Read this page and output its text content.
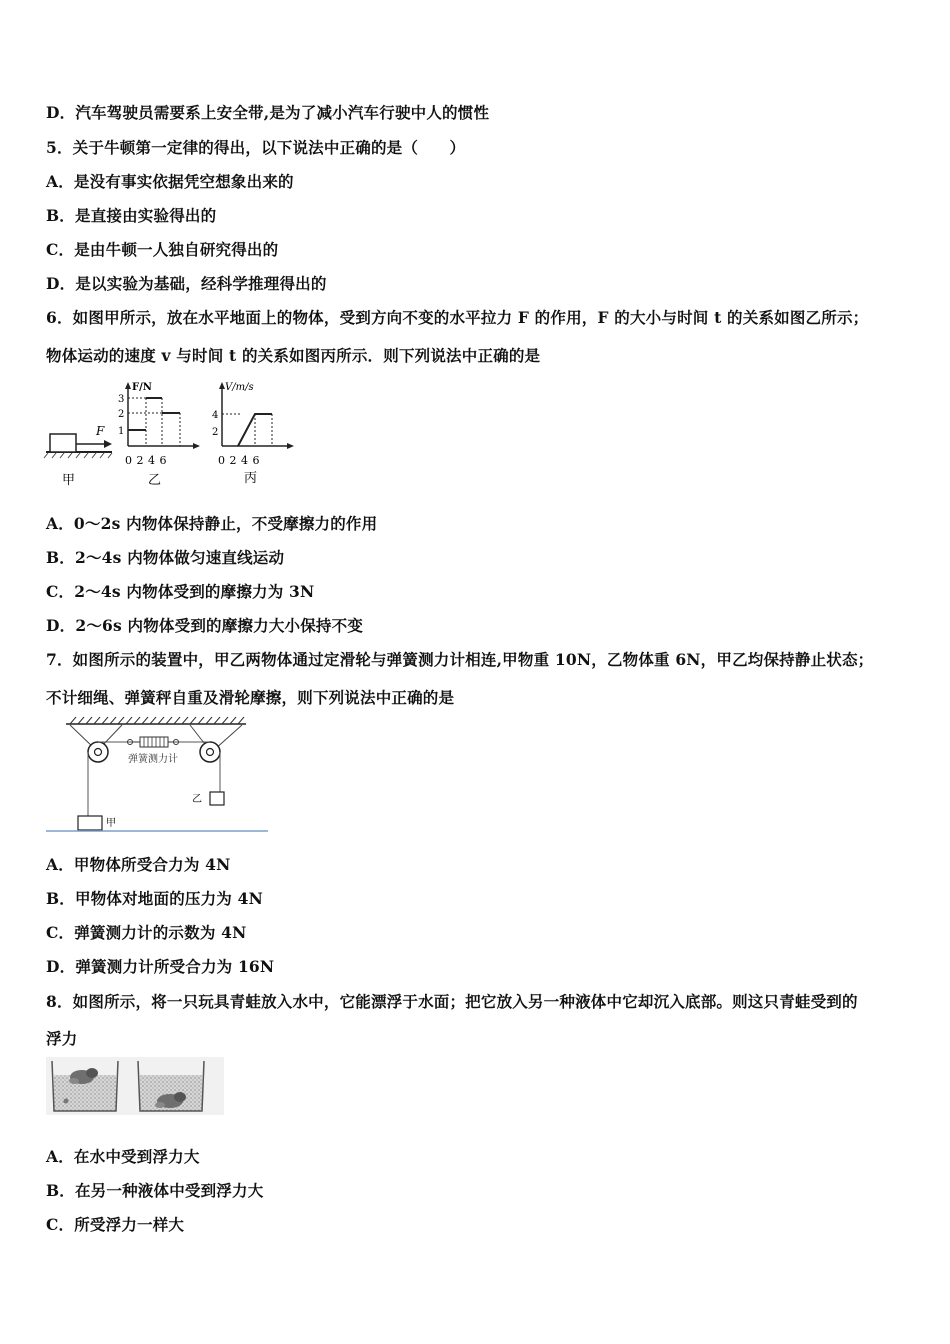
D．汽车驾驶员需要系上安全带,是为了减小汽车行驶中人的惯性
5．关于牛顿第一定律的得出，以下说法中正确的是（　　）
A．是没有事实依据凭空想象出来的
B．是直接由实验得出的
C．是由牛顿一人独自研究得出的
D．是以实验为基础，经科学推理得出的
6．如图甲所示，放在水平地面上的物体，受到方向不变的水平拉力 F 的作用，F 的大小与时间 t 的关系如图乙所示；
物体运动的速度 v 与时间 t 的关系如图丙所示．则下列说法中正确的是
F
甲
F/N
3
2
1
0 2 4 6
乙
V/m/s
4
2
0 2 4 6
丙
A．0～2s 内物体保持静止，不受摩擦力的作用
B．2～4s 内物体做匀速直线运动
C．2～4s 内物体受到的摩擦力为 3N
D．2～6s 内物体受到的摩擦力大小保持不变
7．如图所示的装置中，甲乙两物体通过定滑轮与弹簧测力计相连,甲物重 10N，乙物体重 6N，甲乙均保持静止状态；
不计细绳、弹簧秤自重及滑轮摩擦，则下列说法中正确的是
弹簧测力计
乙
甲
A．甲物体所受合力为 4N
B．甲物体对地面的压力为 4N
C．弹簧测力计的示数为 4N
D．弹簧测力计所受合力为 16N
8．如图所示，将一只玩具青蛙放入水中，它能漂浮于水面；把它放入另一种液体中它却沉入底部。则这只青蛙受到的
浮力
A．在水中受到浮力大
B．在另一种液体中受到浮力大
C．所受浮力一样大
